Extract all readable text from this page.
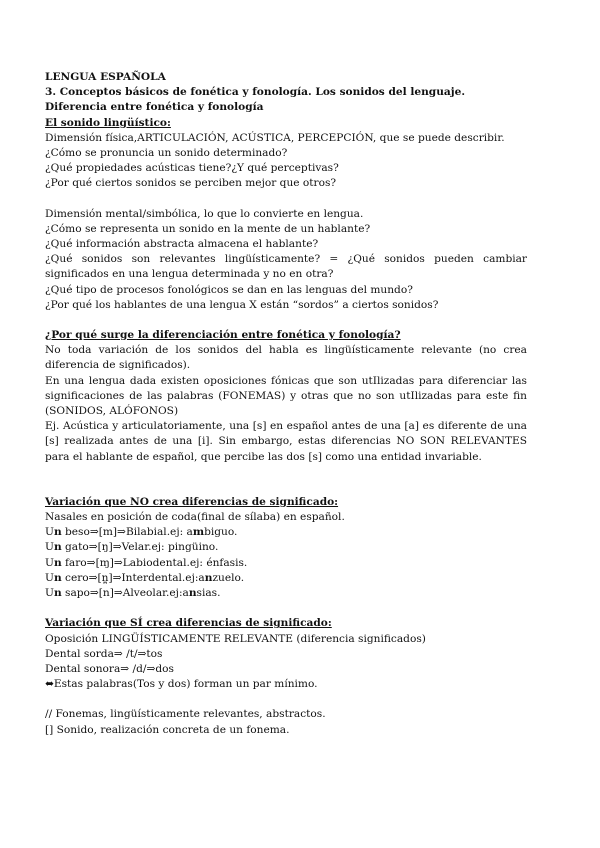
LENGUA ESPAÑOLA

3. Conceptos básicos de fonética y fonología. Los sonidos del lenguaje.

Diferencia entre fonética y fonología

El sonido lingüístico:

Dimensión física,ARTICULACIÓN, ACÚSTICA, PERCEPCIÓN, que se puede describir.

¿Cómo se pronuncia un sonido determinado?

¿Qué propiedades acústicas tiene?¿Y qué perceptivas?

¿Por qué ciertos sonidos se perciben mejor que otros?

Dimensión mental/simbólica, lo que lo convierte en lengua.

¿Cómo se representa un sonido en la mente de un hablante?

¿Qué información abstracta almacena el hablante?

¿Qué sonidos son relevantes lingüísticamente? = ¿Qué sonidos pueden cambiar significados en una lengua determinada y no en otra?

¿Qué tipo de procesos fonológicos se dan en las lenguas del mundo?

¿Por qué los hablantes de una lengua X están “sordos” a ciertos sonidos?

¿Por qué surge la diferenciación entre fonética y fonología?

No toda variación de los sonidos del habla es lingüísticamente relevante (no crea diferencia de significados).

En una lengua dada existen oposiciones fónicas que son utIlizadas para diferenciar las significaciones de las palabras (FONEMAS) y otras que no son utIlizadas para este fin (SONIDOS, ALÓFONOS)

Ej. Acústica y articulatoriamente, una [s] en español antes de una [a] es diferente de una [s] realizada antes de una [i]. Sin embargo, estas diferencias NO SON RELEVANTES para el hablante de español, que percibe las dos [s] como una entidad invariable.

Variación que NO crea diferencias de significado:

Nasales en posición de coda(final de sílaba) en español.

Un beso⇒[m]⇒Bilabial.ej: ambiguo.

Un gato⇒[ŋ]⇒Velar.ej: pingüino.

Un faro⇒[ɱ]⇒Labiodental.ej: énfasis.

Un cero⇒[n̪]⇒Interdental.ej:anzuelo.

Un sapo⇒[n]⇒Alveolar.ej:ansias.

Variación que SÍ crea diferencias de significado:

Oposición LINGÜÍSTICAMENTE RELEVANTE (diferencia significados)

Dental sorda⇒ /t/⇒tos

Dental sonora⇒ /d/⇒dos

⬌Estas palabras(Tos y dos) forman un par mínimo.

// Fonemas, lingüísticamente relevantes, abstractos.

[] Sonido, realización concreta de un fonema.
